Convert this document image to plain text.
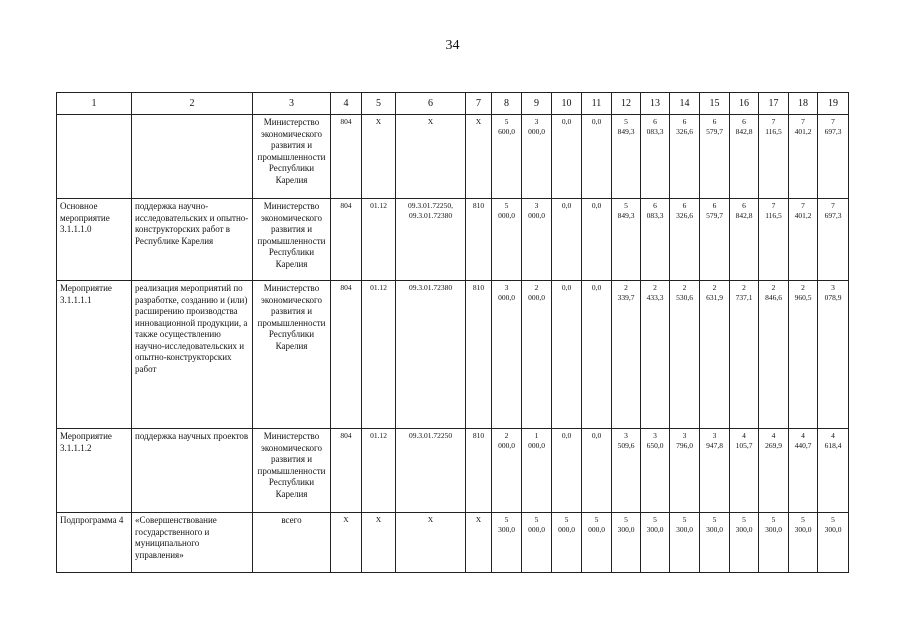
34
1	2	3	4	5	6	7	8	9	10	11	12	13	14	15	16	17	18	19
		Министерство экономического развития и промышленности Республики Карелия	804	Х	Х	Х	5
600,0	3
000,0	0,0	0,0	5
849,3	6
083,3	6
326,6	6
579,7	6
842,8	7
116,5	7
401,2	7
697,3
Основное мероприятие 3.1.1.1.0	поддержка научно-исследовательских и опытно-конструкторских работ в Республике Карелия	Министерство экономического развития и промышленности Республики Карелия	804	01.12	09.3.01.72250, 09.3.01.72380	810	5
000,0	3
000,0	0,0	0,0	5
849,3	6
083,3	6
326,6	6
579,7	6
842,8	7
116,5	7
401,2	7
697,3
Мероприятие 3.1.1.1.1	реализация мероприятий по разработке, созданию и (или) расширению производства инновационной продукции, а также осуществлению научно-исследовательских и опытно-конструкторских работ	Министерство экономического развития и промышленности Республики Карелия	804	01.12	09.3.01.72380	810	3
000,0	2
000,0	0,0	0,0	2
339,7	2
433,3	2
530,6	2
631,9	2
737,1	2
846,6	2
960,5	3
078,9
Мероприятие 3.1.1.1.2	поддержка научных проектов	Министерство экономического развития и промышленности Республики Карелия	804	01.12	09.3.01.72250	810	2
000,0	1
000,0	0,0	0,0	3
509,6	3
650,0	3
796,0	3
947,8	4
105,7	4
269,9	4
440,7	4
618,4
Подпрограмма 4	«Совершенствование государственного и муниципального управления»	всего	Х	Х	Х	Х	5
300,0	5
000,0	5
000,0	5
000,0	5
300,0	5
300,0	5
300,0	5
300,0	5
300,0	5
300,0	5
300,0	5
300,0
